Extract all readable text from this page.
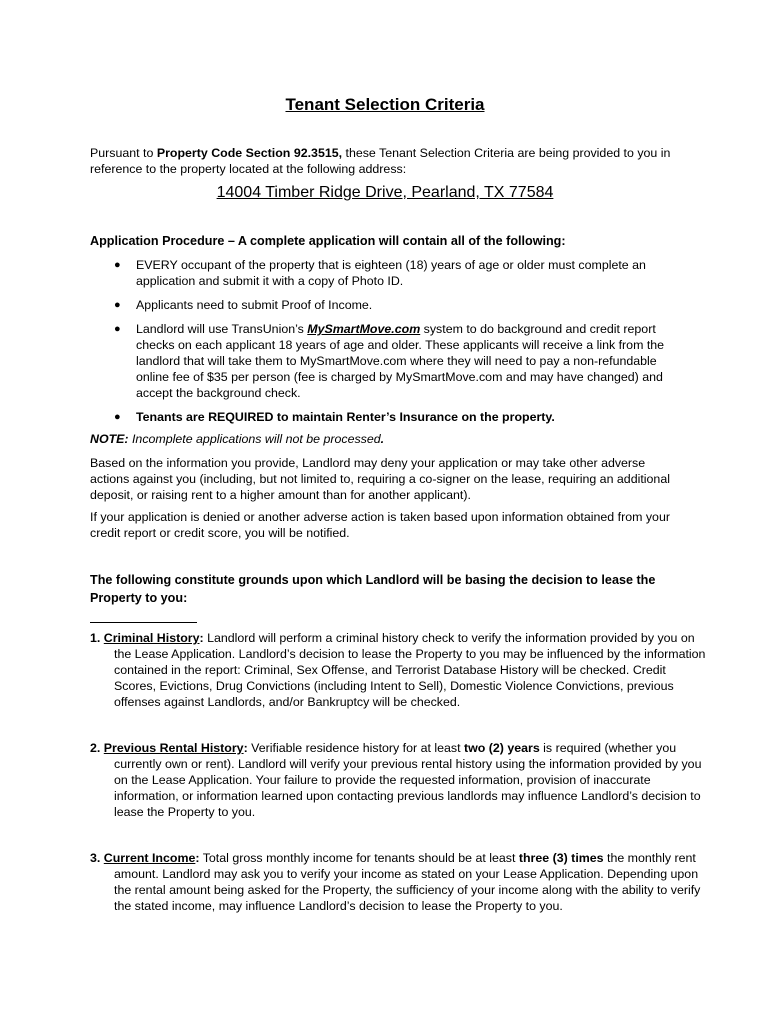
Tenant Selection Criteria

Pursuant to Property Code Section 92.3515, these Tenant Selection Criteria are being provided to you in reference to the property located at the following address:

14004 Timber Ridge Drive, Pearland, TX 77584

Application Procedure – A complete application will contain all of the following:

● EVERY occupant of the property that is eighteen (18) years of age or older must complete an application and submit it with a copy of Photo ID.
● Applicants need to submit Proof of Income.
● Landlord will use TransUnion’s MySmartMove.com system to do background and credit report checks on each applicant 18 years of age and older. These applicants will receive a link from the landlord that will take them to MySmartMove.com where they will need to pay a non-refundable online fee of $35 per person (fee is charged by MySmartMove.com and may have changed) and accept the background check.
● Tenants are REQUIRED to maintain Renter’s Insurance on the property.

NOTE: Incomplete applications will not be processed.

Based on the information you provide, Landlord may deny your application or may take other adverse actions against you (including, but not limited to, requiring a co-signer on the lease, requiring an additional deposit, or raising rent to a higher amount than for another applicant).

If your application is denied or another adverse action is taken based upon information obtained from your credit report or credit score, you will be notified.

The following constitute grounds upon which Landlord will be basing the decision to lease the Property to you:

1. Criminal History: Landlord will perform a criminal history check to verify the information provided by you on the Lease Application. Landlord’s decision to lease the Property to you may be influenced by the information contained in the report: Criminal, Sex Offense, and Terrorist Database History will be checked. Credit Scores, Evictions, Drug Convictions (including Intent to Sell), Domestic Violence Convictions, previous offenses against Landlords, and/or Bankruptcy will be checked.

2. Previous Rental History: Verifiable residence history for at least two (2) years is required (whether you currently own or rent). Landlord will verify your previous rental history using the information provided by you on the Lease Application. Your failure to provide the requested information, provision of inaccurate information, or information learned upon contacting previous landlords may influence Landlord’s decision to lease the Property to you.

3. Current Income: Total gross monthly income for tenants should be at least three (3) times the monthly rent amount. Landlord may ask you to verify your income as stated on your Lease Application. Depending upon the rental amount being asked for the Property, the sufficiency of your income along with the ability to verify the stated income, may influence Landlord’s decision to lease the Property to you.
